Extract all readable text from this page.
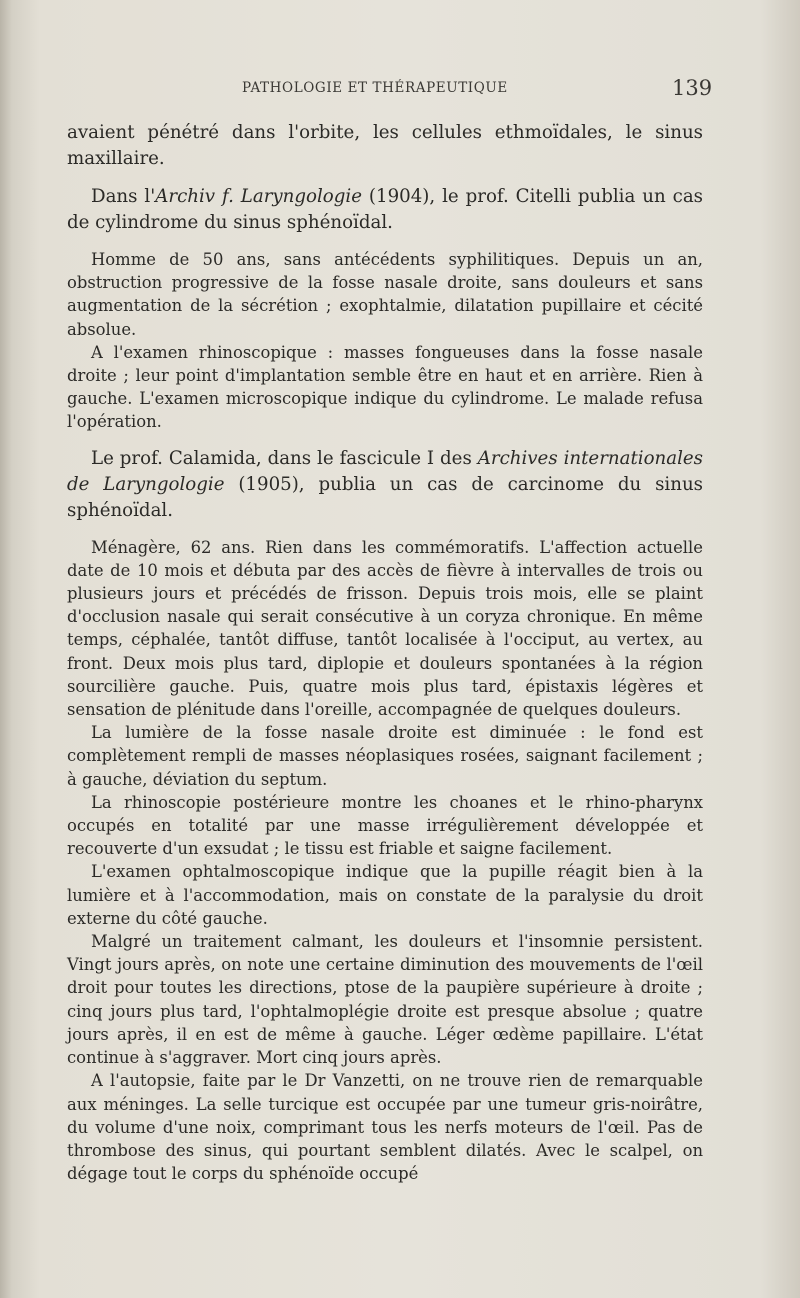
PATHOLOGIE ET THÉRAPEUTIQUE	139

avaient pénétré dans l'orbite, les cellules ethmoïdales, le sinus maxillaire.

Dans l'Archiv f. Laryngologie (1904), le prof. Citelli publia un cas de cylindrome du sinus sphénoïdal.

Homme de 50 ans, sans antécédents syphilitiques. Depuis un an, obstruction progressive de la fosse nasale droite, sans douleurs et sans augmentation de la sécrétion ; exophtalmie, dilatation pupillaire et cécité absolue.

A l'examen rhinoscopique : masses fongueuses dans la fosse nasale droite ; leur point d'implantation semble être en haut et en arrière. Rien à gauche. L'examen microscopique indique du cylindrome. Le malade refusa l'opération.

Le prof. Calamida, dans le fascicule I des Archives internationales de Laryngologie (1905), publia un cas de carcinome du sinus sphénoïdal.

Ménagère, 62 ans. Rien dans les commémoratifs. L'affection actuelle date de 10 mois et débuta par des accès de fièvre à intervalles de trois ou plusieurs jours et précédés de frisson. Depuis trois mois, elle se plaint d'occlusion nasale qui serait consécutive à un coryza chronique. En même temps, céphalée, tantôt diffuse, tantôt localisée à l'occiput, au vertex, au front. Deux mois plus tard, diplopie et douleurs spontanées à la région sourcilière gauche. Puis, quatre mois plus tard, épistaxis légères et sensation de plénitude dans l'oreille, accompagnée de quelques douleurs.

La lumière de la fosse nasale droite est diminuée : le fond est complètement rempli de masses néoplasiques rosées, saignant facilement ; à gauche, déviation du septum.

La rhinoscopie postérieure montre les choanes et le rhino-pharynx occupés en totalité par une masse irrégulièrement développée et recouverte d'un exsudat ; le tissu est friable et saigne facilement.

L'examen ophtalmoscopique indique que la pupille réagit bien à la lumière et à l'accommodation, mais on constate de la paralysie du droit externe du côté gauche.

Malgré un traitement calmant, les douleurs et l'insomnie persistent. Vingt jours après, on note une certaine diminution des mouvements de l'œil droit pour toutes les directions, ptose de la paupière supérieure à droite ; cinq jours plus tard, l'ophtalmoplégie droite est presque absolue ; quatre jours après, il en est de même à gauche. Léger œdème papillaire. L'état continue à s'aggraver. Mort cinq jours après.

A l'autopsie, faite par le Dr Vanzetti, on ne trouve rien de remarquable aux méninges. La selle turcique est occupée par une tumeur gris-noirâtre, du volume d'une noix, comprimant tous les nerfs moteurs de l'œil. Pas de thrombose des sinus, qui pourtant semblent dilatés. Avec le scalpel, on dégage tout le corps du sphénoïde occupé
